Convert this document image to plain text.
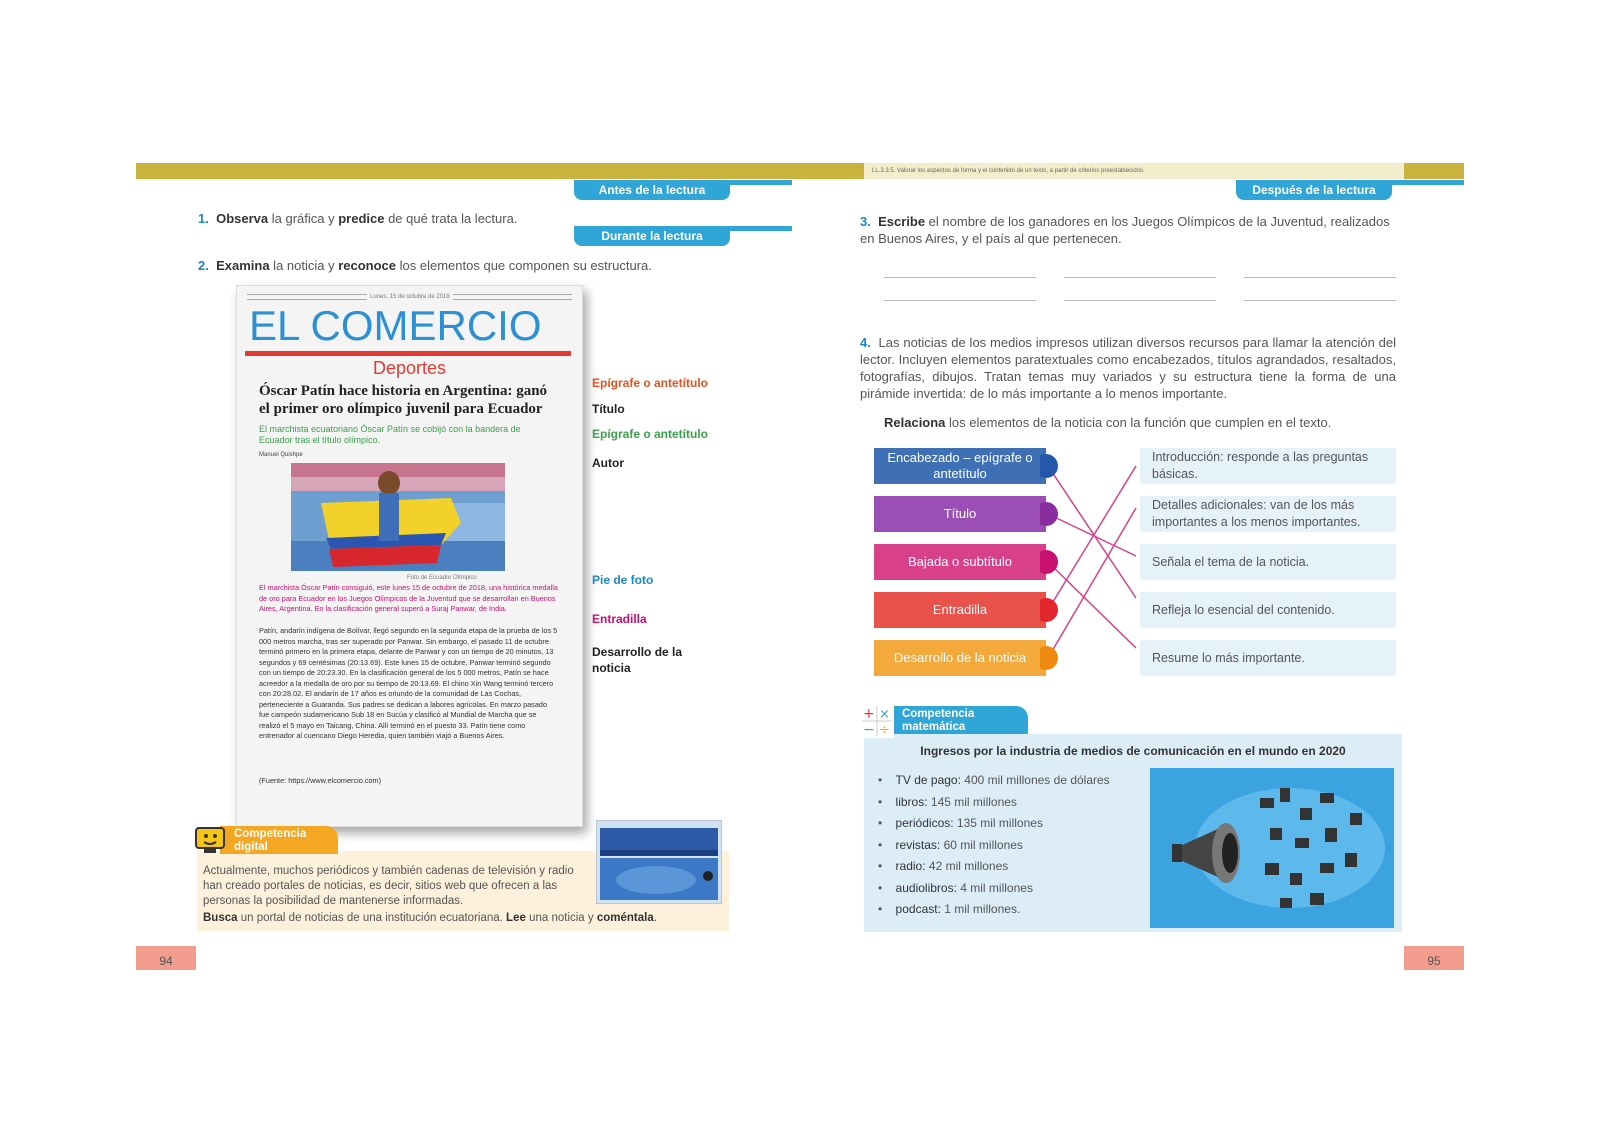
LL.3.3.5. Valorar los aspectos de forma y el contenido de un texto, a partir de criterios preestablecidos.
Antes de la lectura
Durante la lectura
1. Observa la gráfica y predice de qué trata la lectura.
2. Examina la noticia y reconoce los elementos que componen su estructura.
Lunes, 15 de octubre de 2018
EL COMERCIO
Deportes
Óscar Patín hace historia en Argentina: ganó el primer oro olímpico juvenil para Ecuador
El marchista ecuatoriano Óscar Patín se cobijó con la bandera de Ecuador tras el título olímpico.
Manuel Quishpe
Foto de Ecuador Olímpico
El marchista Óscar Patín consiguió, este lunes 15 de octubre de 2018, una histórica medalla de oro para Ecuador en los Juegos Olímpicos de la Juventud que se desarrollan en Buenos Aires, Argentina. En la clasificación general superó a Suraj Panwar, de India.
Patín, andarín indígena de Bolívar, llegó segundo en la segunda etapa de la prueba de los 5 000 metros marcha, tras ser superado por Panwar. Sin embargo, el pasado 11 de octubre terminó primero en la primera etapa, delante de Panwar y con un tiempo de 20 minutos, 13 segundos y 69 centésimas (20:13.69). Este lunes 15 de octubre, Panwar terminó segundo con un tiempo de 20:23.30. En la clasificación general de los 5 000 metros, Patín se hace acreedor a la medalla de oro por su tiempo de 20:13.69. El chino Xin Wang terminó tercero con 20:28.02. El andarín de 17 años es oriundo de la comunidad de Las Cochas, perteneciente a Guaranda. Sus padres se dedican a labores agrícolas. En marzo pasado fue campeón sudamericano Sub 18 en Sucúa y clasificó al Mundial de Marcha que se realizó el 5 mayo en Taicang, China. Allí terminó en el puesto 33. Patín tiene como entrenador al cuencano Diego Heredia, quien también viajó a Buenos Aires.
(Fuente: https://www.elcomercio.com)
Epígrafe o antetítulo
Título
Epígrafe o antetítulo
Autor
Pie de foto
Entradilla
Desarrollo de la noticia
Competencia digital
Actualmente, muchos periódicos y también cadenas de televisión y radio han creado portales de noticias, es decir, sitios web que ofrecen a las personas la posibilidad de mantenerse informadas.
Busca un portal de noticias de una institución ecuatoriana. Lee una noticia y coméntala.
94
Después de la lectura
3. Escribe el nombre de los ganadores en los Juegos Olímpicos de la Juventud, realizados en Buenos Aires, y el país al que pertenecen.
4. Las noticias de los medios impresos utilizan diversos recursos para llamar la atención del lector. Incluyen elementos paratextuales como encabezados, títulos agrandados, resaltados, fotografías, dibujos. Tratan temas muy variados y su estructura tiene la forma de una pirámide invertida: de lo más importante a lo menos importante.
Relaciona los elementos de la noticia con la función que cumplen en el texto.
Encabezado – epígrafe o antetítulo
Título
Bajada o subtítulo
Entradilla
Desarrollo de la noticia
Introducción: responde a las preguntas básicas.
Detalles adicionales: van de los más importantes a los menos importantes.
Señala el tema de la noticia.
Refleja lo esencial del contenido.
Resume lo más importante.
Competencia matemática
+ ×
− ÷
Ingresos por la industria de medios de comunicación en el mundo en 2020
•    TV de pago: 400 mil millones de dólares
•    libros: 145 mil millones
•    periódicos: 135 mil millones
•    revistas: 60 mil millones
•    radio: 42 mil millones
•    audiolibros: 4 mil millones
•    podcast: 1 mil millones.
95
